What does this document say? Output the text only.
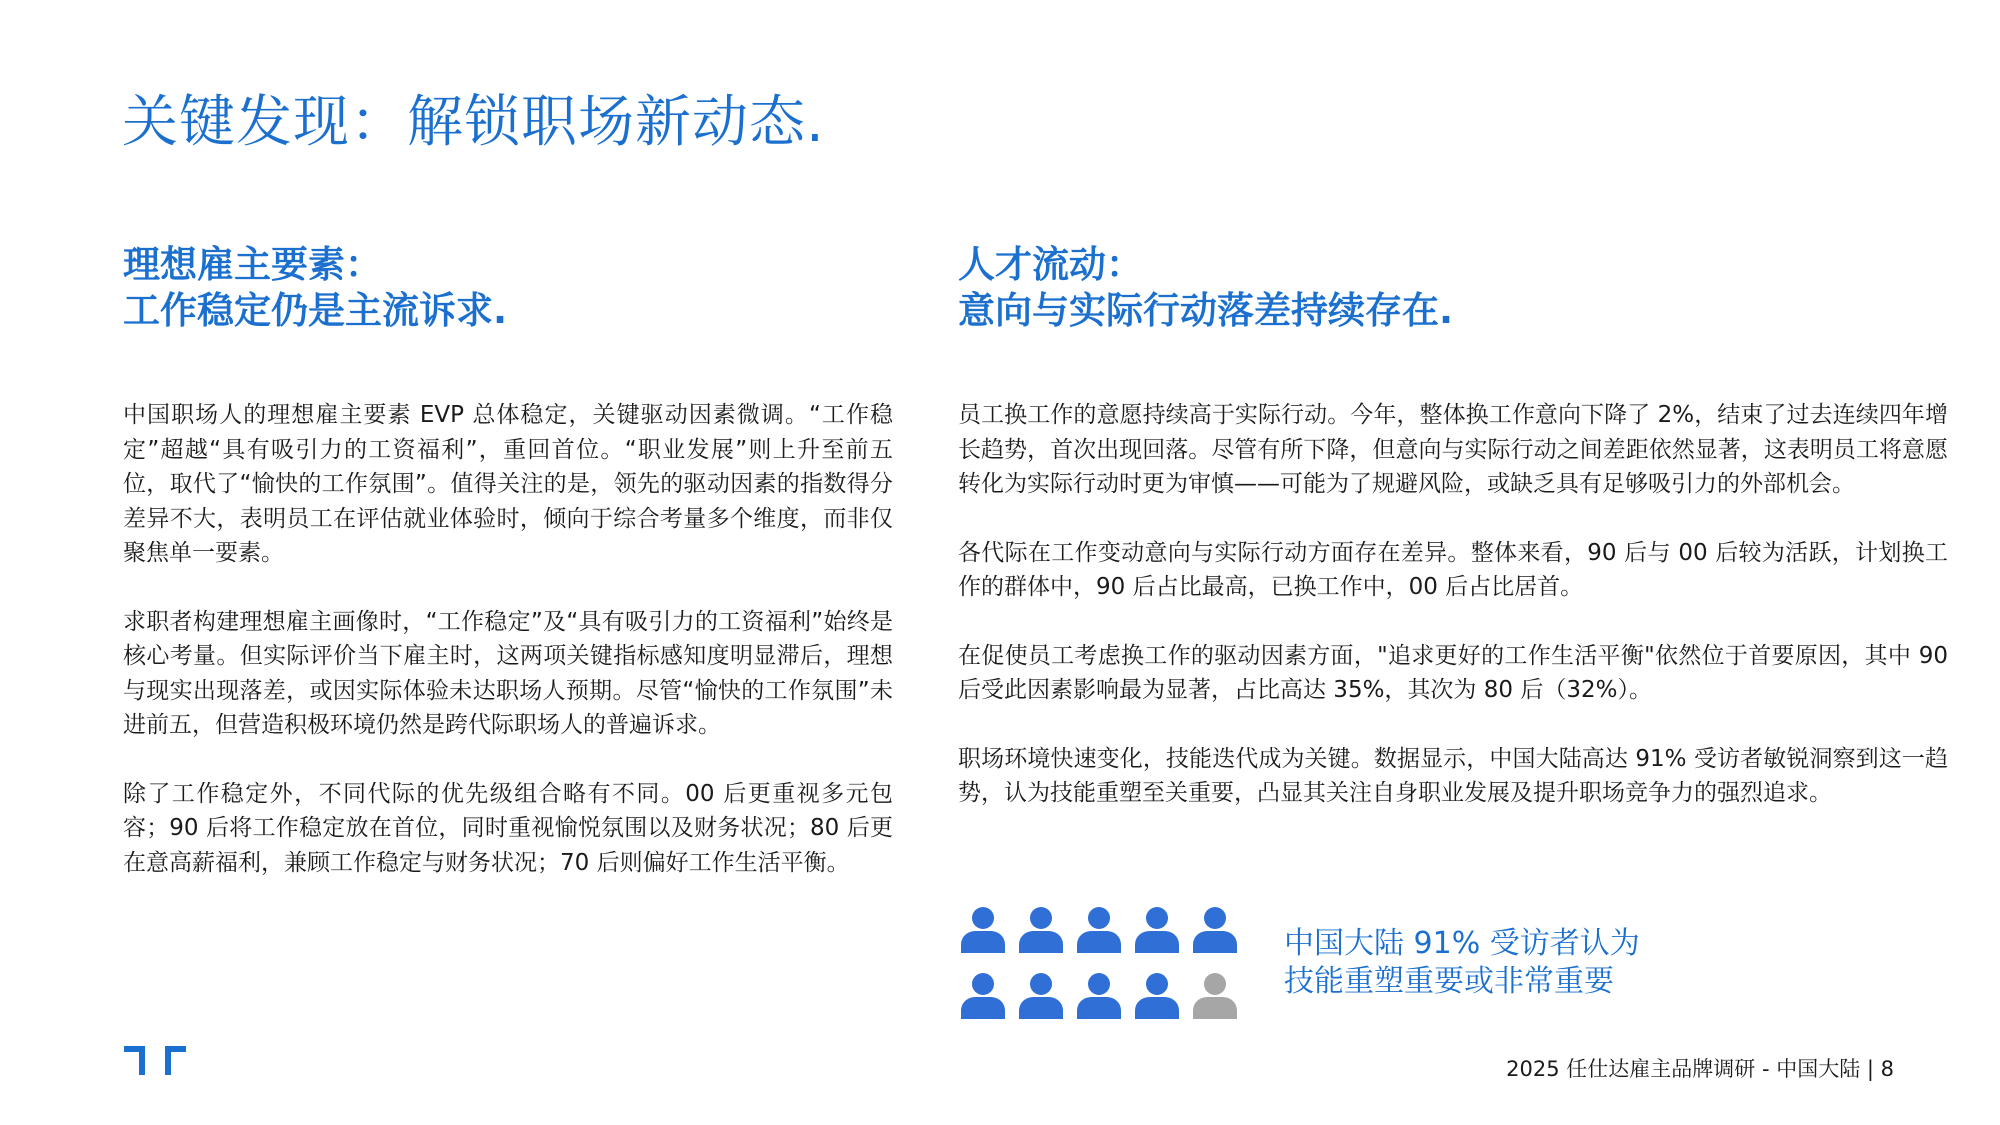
关键发现：解锁职场新动态.
理想雇主要素：
工作稳定仍是主流诉求.

中国职场人的理想雇主要素 EVP 总体稳定，关键驱动因素微调。“工作稳定”超越“具有吸引力的工资福利”，重回首位。“职业发展”则上升至前五位，取代了“愉快的工作氛围”。值得关注的是，领先的驱动因素的指数得分差异不大，表明员工在评估就业体验时，倾向于综合考量多个维度，而非仅聚焦单一要素。

求职者构建理想雇主画像时，“工作稳定”及“具有吸引力的工资福利”始终是核心考量。但实际评价当下雇主时，这两项关键指标感知度明显滞后，理想与现实出现落差，或因实际体验未达职场人预期。尽管“愉快的工作氛围”未进前五，但营造积极环境仍然是跨代际职场人的普遍诉求。

除了工作稳定外，不同代际的优先级组合略有不同。00 后更重视多元包容；90 后将工作稳定放在首位，同时重视愉悦氛围以及财务状况；80 后更在意高薪福利，兼顾工作稳定与财务状况；70 后则偏好工作生活平衡。

人才流动：
意向与实际行动落差持续存在.

员工换工作的意愿持续高于实际行动。今年，整体换工作意向下降了 2%，结束了过去连续四年增长趋势，首次出现回落。尽管有所下降，但意向与实际行动之间差距依然显著，这表明员工将意愿转化为实际行动时更为审慎——可能为了规避风险，或缺乏具有足够吸引力的外部机会。

各代际在工作变动意向与实际行动方面存在差异。整体来看，90 后与 00 后较为活跃，计划换工作的群体中，90 后占比最高，已换工作中，00 后占比居首。

在促使员工考虑换工作的驱动因素方面，"追求更好的工作生活平衡"依然位于首要原因，其中 90 后受此因素影响最为显著，占比高达 35%，其次为 80 后（32%）。

职场环境快速变化，技能迭代成为关键。数据显示，中国大陆高达 91% 受访者敏锐洞察到这一趋势，认为技能重塑至关重要，凸显其关注自身职业发展及提升职场竞争力的强烈追求。

中国大陆 91% 受访者认为
技能重塑重要或非常重要
2025 任仕达雇主品牌调研 - 中国大陆 | 8
